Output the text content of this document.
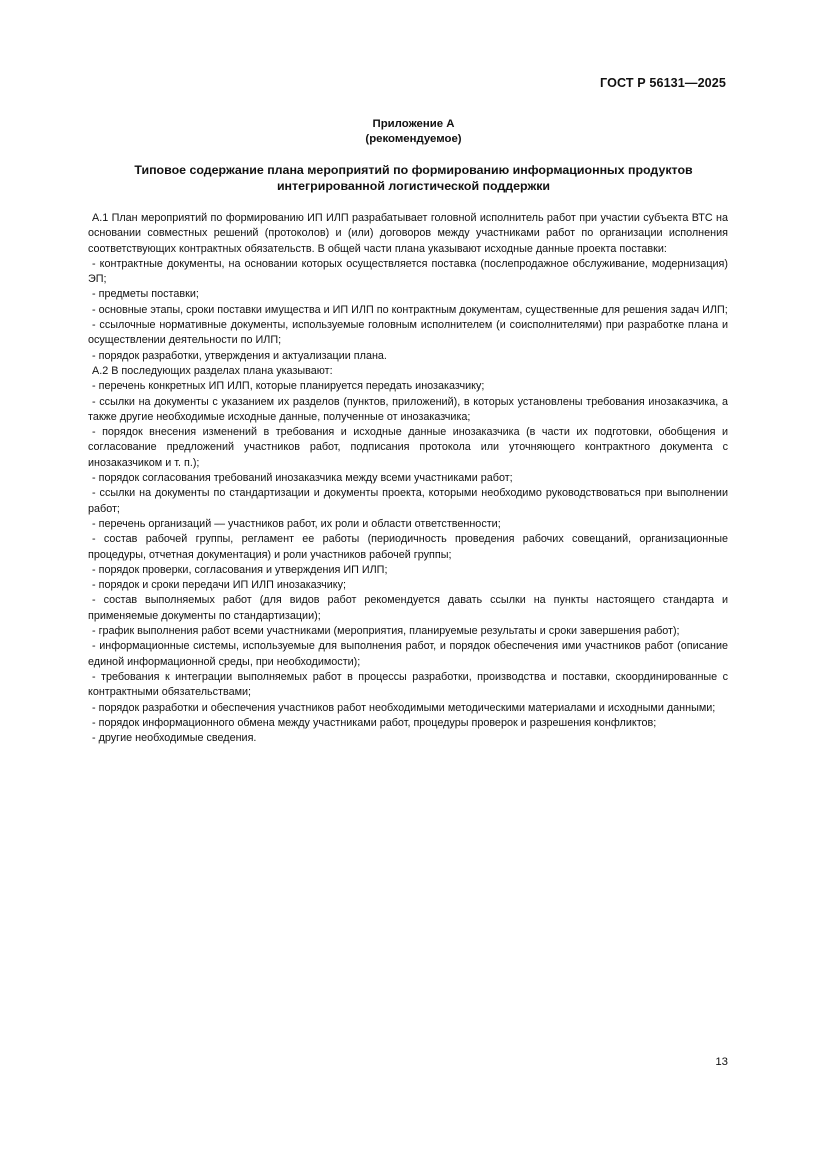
ГОСТ Р 56131—2025
Приложение А
(рекомендуемое)
Типовое содержание плана мероприятий по формированию информационных продуктов
интегрированной логистической поддержки

А.1 План мероприятий по формированию ИП ИЛП разрабатывает головной исполнитель работ при участии субъекта ВТС на основании совместных решений (протоколов) и (или) договоров между участниками работ по организации исполнения соответствующих контрактных обязательств. В общей части плана указывают исходные данные проекта поставки:

- контрактные документы, на основании которых осуществляется поставка (послепродажное обслуживание, модернизация) ЭП;

- предметы поставки;

- основные этапы, сроки поставки имущества и ИП ИЛП по контрактным документам, существенные для решения задач ИЛП;

- ссылочные нормативные документы, используемые головным исполнителем (и соисполнителями) при разработке плана и осуществлении деятельности по ИЛП;

- порядок разработки, утверждения и актуализации плана.

А.2 В последующих разделах плана указывают:

- перечень конкретных ИП ИЛП, которые планируется передать инозаказчику;

- ссылки на документы с указанием их разделов (пунктов, приложений), в которых установлены требования инозаказчика, а также другие необходимые исходные данные, полученные от инозаказчика;

- порядок внесения изменений в требования и исходные данные инозаказчика (в части их подготовки, обобщения и согласование предложений участников работ, подписания протокола или уточняющего контрактного документа с инозаказчиком и т. п.);

- порядок согласования требований инозаказчика между всеми участниками работ;

- ссылки на документы по стандартизации и документы проекта, которыми необходимо руководствоваться при выполнении работ;

- перечень организаций — участников работ, их роли и области ответственности;

- состав рабочей группы, регламент ее работы (периодичность проведения рабочих совещаний, организационные процедуры, отчетная документация) и роли участников рабочей группы;

- порядок проверки, согласования и утверждения ИП ИЛП;

- порядок и сроки передачи ИП ИЛП инозаказчику;

- состав выполняемых работ (для видов работ рекомендуется давать ссылки на пункты настоящего стандарта и применяемые документы по стандартизации);

- график выполнения работ всеми участниками (мероприятия, планируемые результаты и сроки завершения работ);

- информационные системы, используемые для выполнения работ, и порядок обеспечения ими участников работ (описание единой информационной среды, при необходимости);

- требования к интеграции выполняемых работ в процессы разработки, производства и поставки, скоординированные с контрактными обязательствами;

- порядок разработки и обеспечения участников работ необходимыми методическими материалами и исходными данными;

- порядок информационного обмена между участниками работ, процедуры проверок и разрешения конфликтов;

- другие необходимые сведения.

13
